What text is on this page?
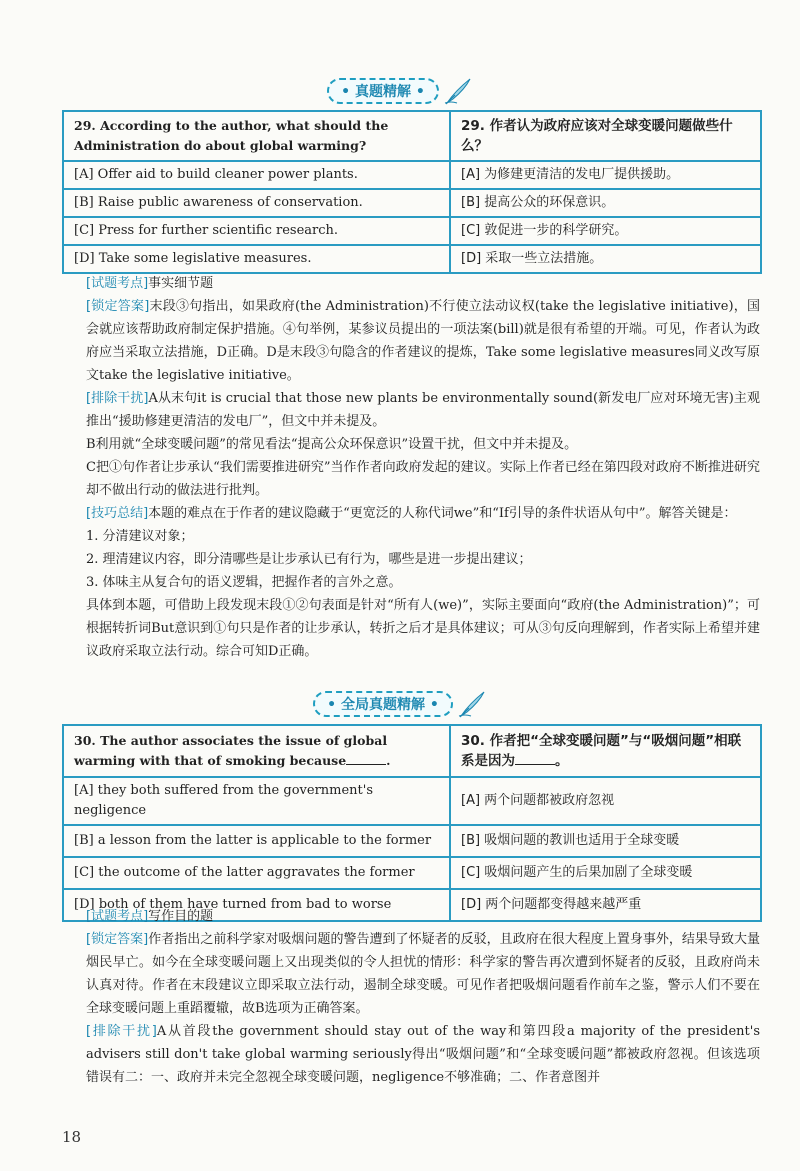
• 真题精解 •
29. According to the author, what should the Administration do about global warming?	29. 作者认为政府应该对全球变暖问题做些什么？
[A] Offer aid to build cleaner power plants.	[A] 为修建更清洁的发电厂提供援助。
[B] Raise public awareness of conservation.	[B] 提高公众的环保意识。
[C] Press for further scientific research.	[C] 敦促进一步的科学研究。
[D] Take some legislative measures.	[D] 采取一些立法措施。

[试题考点]事实细节题

[锁定答案]末段③句指出，如果政府(the Administration)不行使立法动议权(take the legislative initiative)，国会就应该帮助政府制定保护措施。④句举例，某参议员提出的一项法案(bill)就是很有希望的开端。可见，作者认为政府应当采取立法措施，D正确。D是末段③句隐含的作者建议的提炼，Take some legislative measures同义改写原文take the legislative initiative。

[排除干扰]A从末句it is crucial that those new plants be environmentally sound(新发电厂应对环境无害)主观推出“援助修建更清洁的发电厂”，但文中并未提及。

B利用就“全球变暖问题”的常见看法“提高公众环保意识”设置干扰，但文中并未提及。

C把①句作者让步承认“我们需要推进研究”当作作者向政府发起的建议。实际上作者已经在第四段对政府不断推进研究却不做出行动的做法进行批判。

[技巧总结]本题的难点在于作者的建议隐藏于“更宽泛的人称代词we”和“If引导的条件状语从句中”。解答关键是：

1. 分清建议对象；

2. 理清建议内容，即分清哪些是让步承认已有行为，哪些是进一步提出建议；

3. 体味主从复合句的语义逻辑，把握作者的言外之意。

具体到本题，可借助上段发现末段①②句表面是针对“所有人(we)”，实际主要面向“政府(the Administration)”；可根据转折词But意识到①句只是作者的让步承认，转折之后才是具体建议；可从③句反向理解到，作者实际上希望并建议政府采取立法行动。综合可知D正确。

• 全局真题精解 •
30. The author associates the issue of global warming with that of smoking because .	30. 作者把“全球变暖问题”与“吸烟问题”相联系是因为 。
[A] they both suffered from the government's negligence	[A] 两个问题都被政府忽视
[B] a lesson from the latter is applicable to the former	[B] 吸烟问题的教训也适用于全球变暖
[C] the outcome of the latter aggravates the former	[C] 吸烟问题产生的后果加剧了全球变暖
[D] both of them have turned from bad to worse	[D] 两个问题都变得越来越严重

[试题考点]写作目的题

[锁定答案]作者指出之前科学家对吸烟问题的警告遭到了怀疑者的反驳，且政府在很大程度上置身事外，结果导致大量烟民早亡。如今在全球变暖问题上又出现类似的令人担忧的情形：科学家的警告再次遭到怀疑者的反驳，且政府尚未认真对待。作者在末段建议立即采取立法行动，遏制全球变暖。可见作者把吸烟问题看作前车之鉴，警示人们不要在全球变暖问题上重蹈覆辙，故B选项为正确答案。

[排除干扰]A从首段the government should stay out of the way和第四段a majority of the president's advisers still don't take global warming seriously得出“吸烟问题”和“全球变暖问题”都被政府忽视。但该选项错误有二：一、政府并未完全忽视全球变暖问题，negligence不够准确；二、作者意图并

18
